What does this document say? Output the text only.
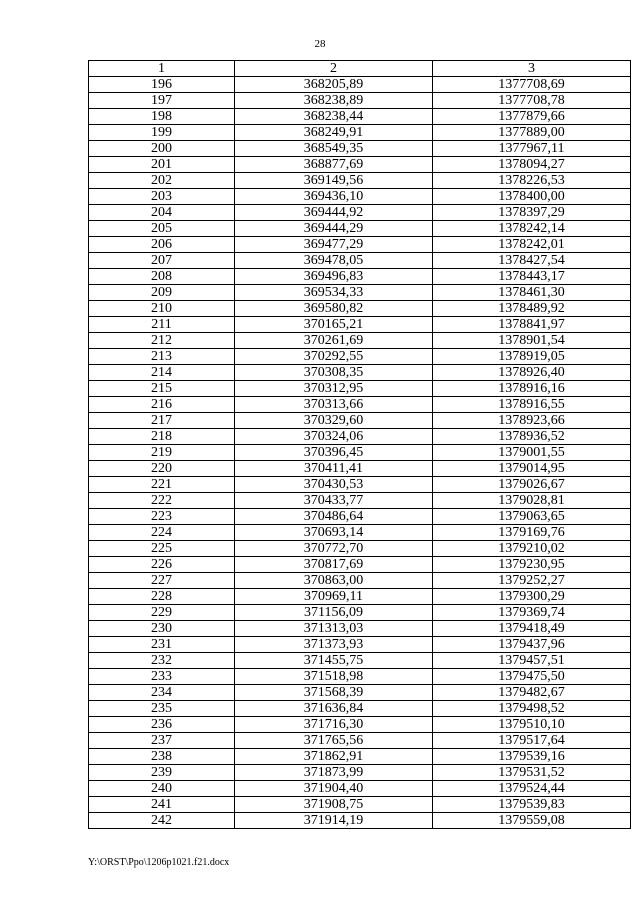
28
1	2	3
196	368205,89	1377708,69
197	368238,89	1377708,78
198	368238,44	1377879,66
199	368249,91	1377889,00
200	368549,35	1377967,11
201	368877,69	1378094,27
202	369149,56	1378226,53
203	369436,10	1378400,00
204	369444,92	1378397,29
205	369444,29	1378242,14
206	369477,29	1378242,01
207	369478,05	1378427,54
208	369496,83	1378443,17
209	369534,33	1378461,30
210	369580,82	1378489,92
211	370165,21	1378841,97
212	370261,69	1378901,54
213	370292,55	1378919,05
214	370308,35	1378926,40
215	370312,95	1378916,16
216	370313,66	1378916,55
217	370329,60	1378923,66
218	370324,06	1378936,52
219	370396,45	1379001,55
220	370411,41	1379014,95
221	370430,53	1379026,67
222	370433,77	1379028,81
223	370486,64	1379063,65
224	370693,14	1379169,76
225	370772,70	1379210,02
226	370817,69	1379230,95
227	370863,00	1379252,27
228	370969,11	1379300,29
229	371156,09	1379369,74
230	371313,03	1379418,49
231	371373,93	1379437,96
232	371455,75	1379457,51
233	371518,98	1379475,50
234	371568,39	1379482,67
235	371636,84	1379498,52
236	371716,30	1379510,10
237	371765,56	1379517,64
238	371862,91	1379539,16
239	371873,99	1379531,52
240	371904,40	1379524,44
241	371908,75	1379539,83
242	371914,19	1379559,08
Y:\ORST\Ppo\1206p1021.f21.docx
